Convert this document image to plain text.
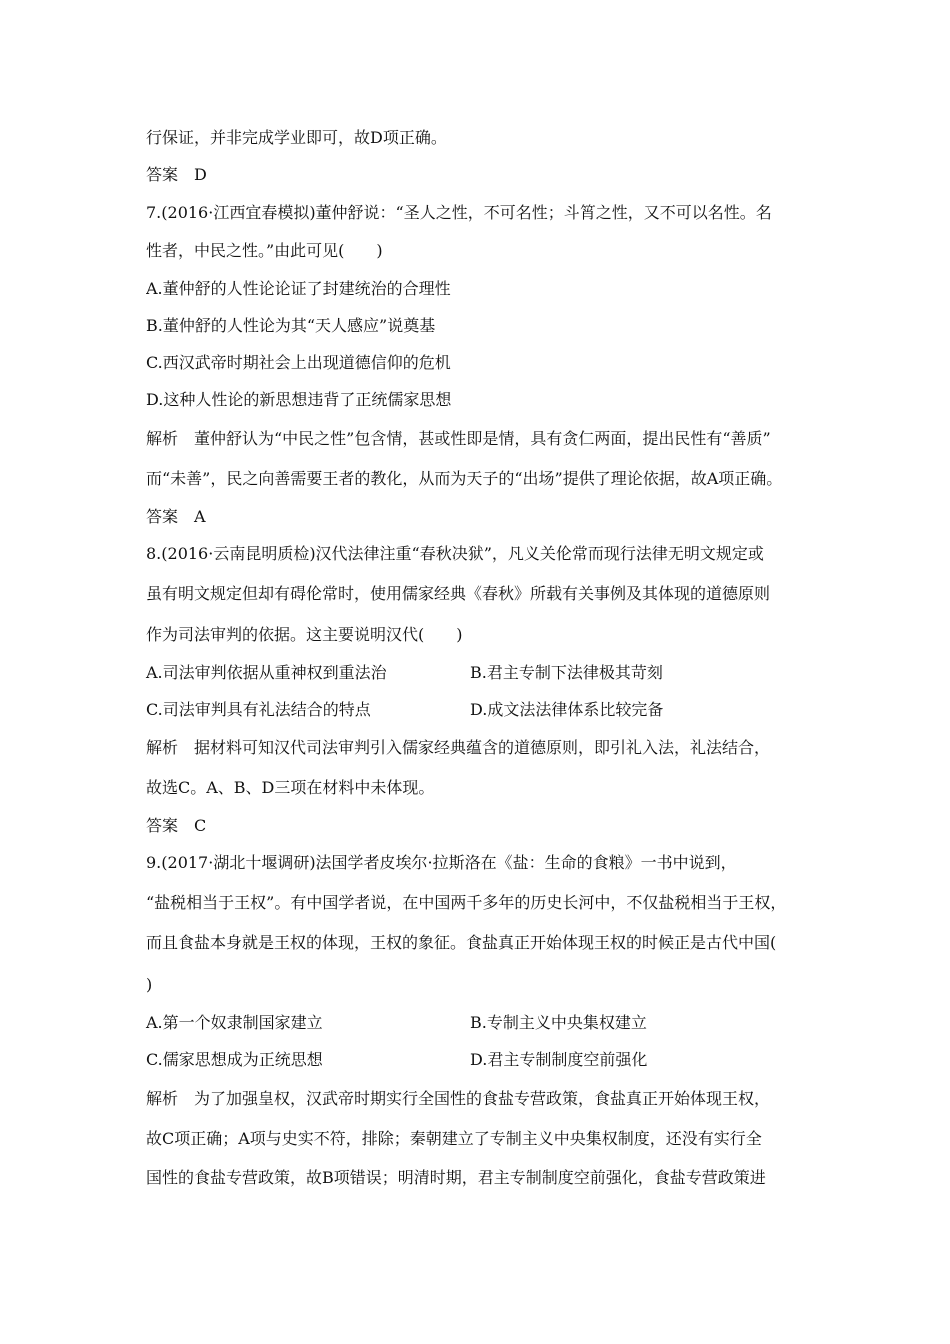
行保证，并非完成学业即可，故D项正确。
答案　D
7.(2016·江西宜春模拟)董仲舒说：“圣人之性，不可名性；斗筲之性，又不可以名性。名
性者，中民之性。”由此可见(　　)
A.董仲舒的人性论论证了封建统治的合理性
B.董仲舒的人性论为其“天人感应”说奠基
C.西汉武帝时期社会上出现道德信仰的危机
D.这种人性论的新思想违背了正统儒家思想
解析　董仲舒认为“中民之性”包含情，甚或性即是情，具有贪仁两面，提出民性有“善质”
而“未善”，民之向善需要王者的教化，从而为天子的“出场”提供了理论依据，故A项正确。
答案　A
8.(2016·云南昆明质检)汉代法律注重“春秋决狱”，凡义关伦常而现行法律无明文规定或
虽有明文规定但却有碍伦常时，使用儒家经典《春秋》所载有关事例及其体现的道德原则
作为司法审判的依据。这主要说明汉代(　　)
A.司法审判依据从重神权到重法治	B.君主专制下法律极其苛刻
C.司法审判具有礼法结合的特点	D.成文法法律体系比较完备
解析　据材料可知汉代司法审判引入儒家经典蕴含的道德原则，即引礼入法，礼法结合，
故选C。A、B、D三项在材料中未体现。
答案　C
9.(2017·湖北十堰调研)法国学者皮埃尔·拉斯洛在《盐：生命的食粮》一书中说到，
“盐税相当于王权”。有中国学者说，在中国两千多年的历史长河中，不仅盐税相当于王权，
而且食盐本身就是王权的体现，王权的象征。食盐真正开始体现王权的时候正是古代中国(
)
A.第一个奴隶制国家建立	B.专制主义中央集权建立
C.儒家思想成为正统思想	D.君主专制制度空前强化
解析　为了加强皇权，汉武帝时期实行全国性的食盐专营政策，食盐真正开始体现王权，
故C项正确；A项与史实不符，排除；秦朝建立了专制主义中央集权制度，还没有实行全
国性的食盐专营政策，故B项错误；明清时期，君主专制制度空前强化，食盐专营政策进
